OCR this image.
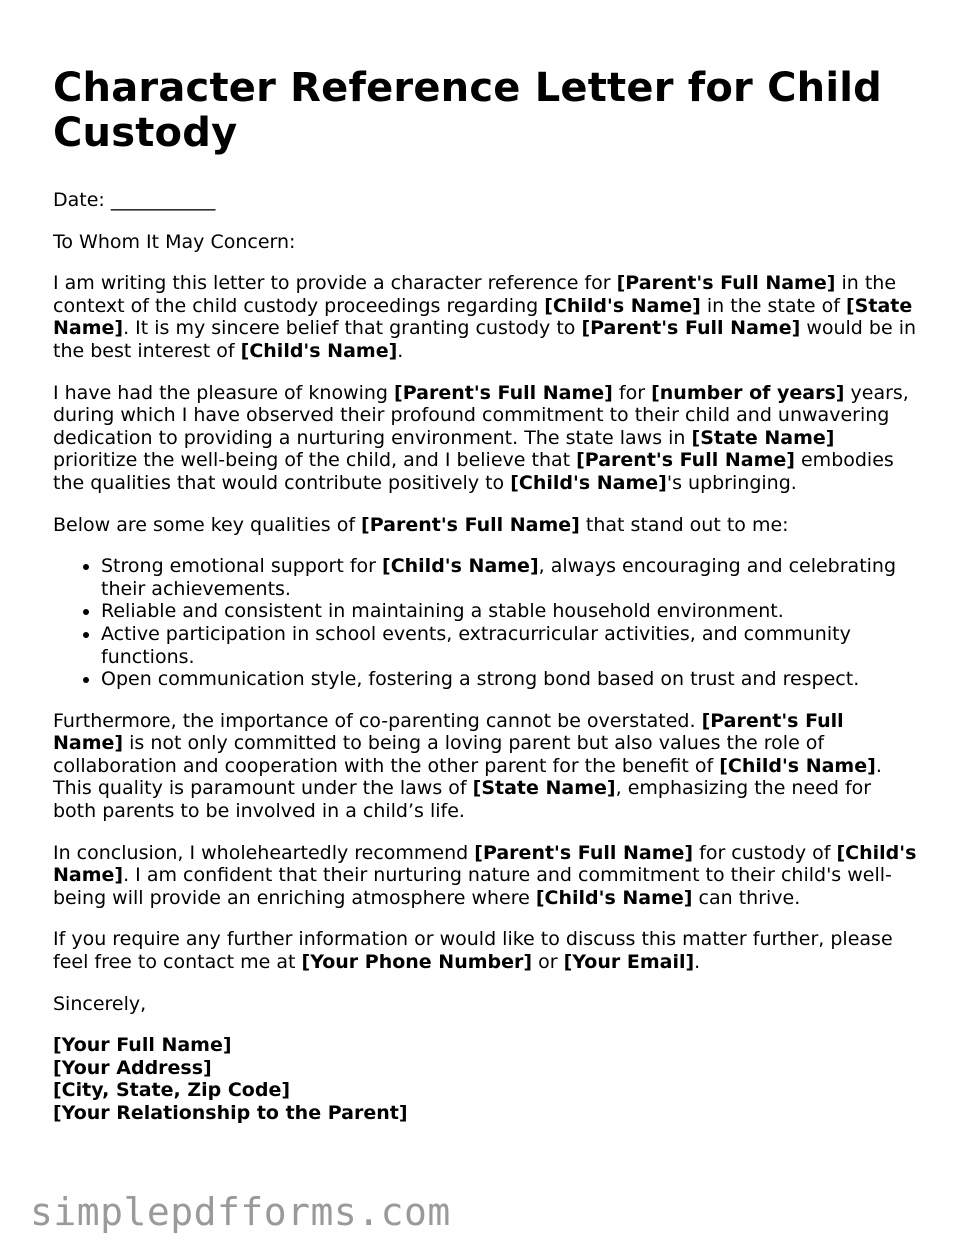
Character Reference Letter for Child Custody

Date: ___________

To Whom It May Concern:

I am writing this letter to provide a character reference for [Parent's Full Name] in the context of the child custody proceedings regarding [Child's Name] in the state of [State Name]. It is my sincere belief that granting custody to [Parent's Full Name] would be in the best interest of [Child's Name].

I have had the pleasure of knowing [Parent's Full Name] for [number of years] years, during which I have observed their profound commitment to their child and unwavering dedication to providing a nurturing environment. The state laws in [State Name] prioritize the well-being of the child, and I believe that [Parent's Full Name] embodies the qualities that would contribute positively to [Child's Name]'s upbringing.

Below are some key qualities of [Parent's Full Name] that stand out to me:

• Strong emotional support for [Child's Name], always encouraging and celebrating their achievements.
• Reliable and consistent in maintaining a stable household environment.
• Active participation in school events, extracurricular activities, and community functions.
• Open communication style, fostering a strong bond based on trust and respect.

Furthermore, the importance of co-parenting cannot be overstated. [Parent's Full Name] is not only committed to being a loving parent but also values the role of collaboration and cooperation with the other parent for the benefit of [Child's Name]. This quality is paramount under the laws of [State Name], emphasizing the need for both parents to be involved in a child’s life.

In conclusion, I wholeheartedly recommend [Parent's Full Name] for custody of [Child's Name]. I am confident that their nurturing nature and commitment to their child's well-being will provide an enriching atmosphere where [Child's Name] can thrive.

If you require any further information or would like to discuss this matter further, please feel free to contact me at [Your Phone Number] or [Your Email].

Sincerely,

[Your Full Name]
[Your Address]
[City, State, Zip Code]
[Your Relationship to the Parent]
simplepdfforms.com
